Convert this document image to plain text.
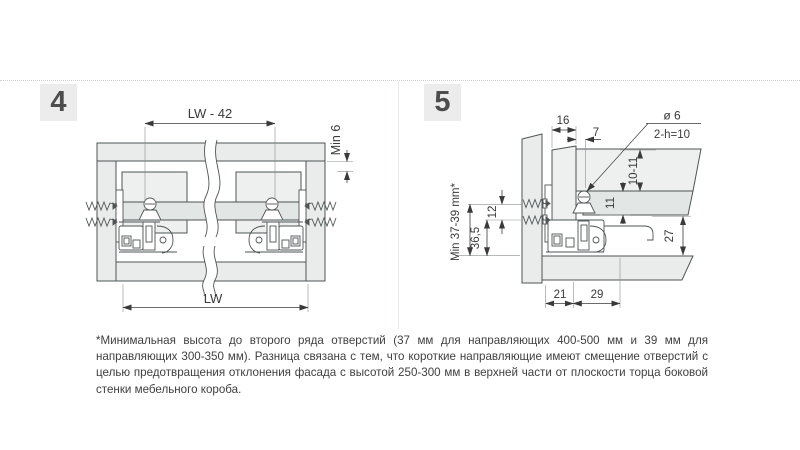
4	5
LW - 42
Min 6
LW
16
7
ø 6
2-h=10
10-11
11
27
Min 37-39 mm* 36,5
12
21 29

*Минимальная высота до второго ряда отверстий (37 мм для направляющих 400-500 мм и 39 мм для направляющих 300-350 мм). Разница связана с тем, что короткие направляющие имеют смещение отверстий с целью предотвращения отклонения фасада с высотой 250-300 мм в верхней части от плоскости торца боковой стенки мебельного короба.
